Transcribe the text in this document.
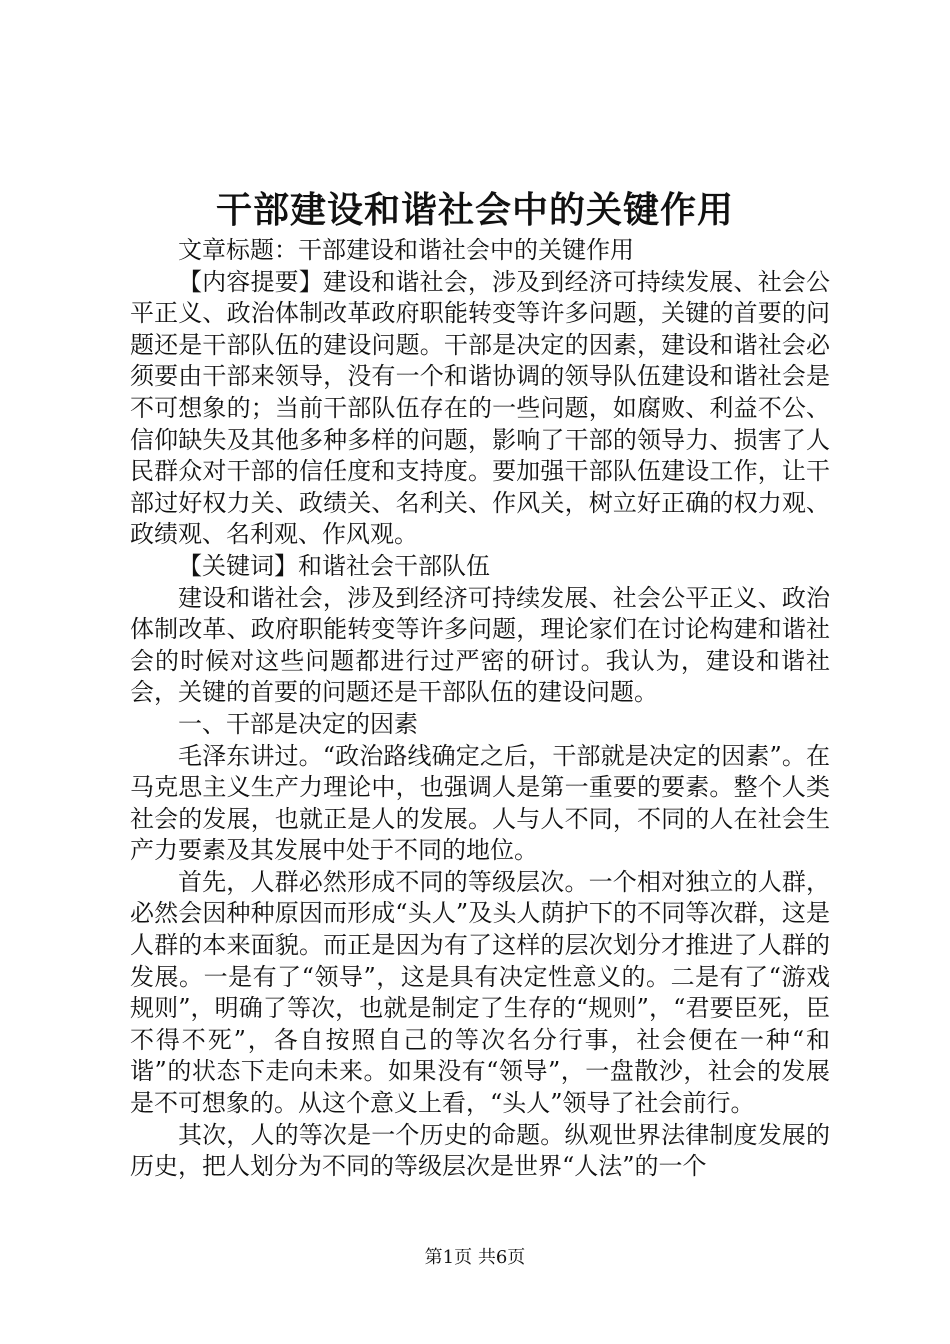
干部建设和谐社会中的关键作用

文章标题：干部建设和谐社会中的关键作用

【内容提要】建设和谐社会，涉及到经济可持续发展、社会公平正义、政治体制改革政府职能转变等许多问题，关键的首要的问题还是干部队伍的建设问题。干部是决定的因素，建设和谐社会必须要由干部来领导，没有一个和谐协调的领导队伍建设和谐社会是不可想象的；当前干部队伍存在的一些问题，如腐败、利益不公、信仰缺失及其他多种多样的问题，影响了干部的领导力、损害了人民群众对干部的信任度和支持度。要加强干部队伍建设工作，让干部过好权力关、政绩关、名利关、作风关，树立好正确的权力观、政绩观、名利观、作风观。

【关键词】和谐社会干部队伍

建设和谐社会，涉及到经济可持续发展、社会公平正义、政治体制改革、政府职能转变等许多问题，理论家们在讨论构建和谐社会的时候对这些问题都进行过严密的研讨。我认为，建设和谐社会，关键的首要的问题还是干部队伍的建设问题。

一、干部是决定的因素

毛泽东讲过。“政治路线确定之后，干部就是决定的因素”。在马克思主义生产力理论中，也强调人是第一重要的要素。整个人类社会的发展，也就正是人的发展。人与人不同，不同的人在社会生产力要素及其发展中处于不同的地位。

首先，人群必然形成不同的等级层次。一个相对独立的人群，必然会因种种原因而形成“头人”及头人荫护下的不同等次群，这是人群的本来面貌。而正是因为有了这样的层次划分才推进了人群的发展。一是有了“领导”，这是具有决定性意义的。二是有了“游戏规则”，明确了等次，也就是制定了生存的“规则”，“君要臣死，臣不得不死”，各自按照自己的等次名分行事，社会便在一种“和谐”的状态下走向未来。如果没有“领导”，一盘散沙，社会的发展是不可想象的。从这个意义上看，“头人”领导了社会前行。

其次，人的等次是一个历史的命题。纵观世界法律制度发展的历史，把人划分为不同的等级层次是世界“人法”的一个

第1页 共6页
